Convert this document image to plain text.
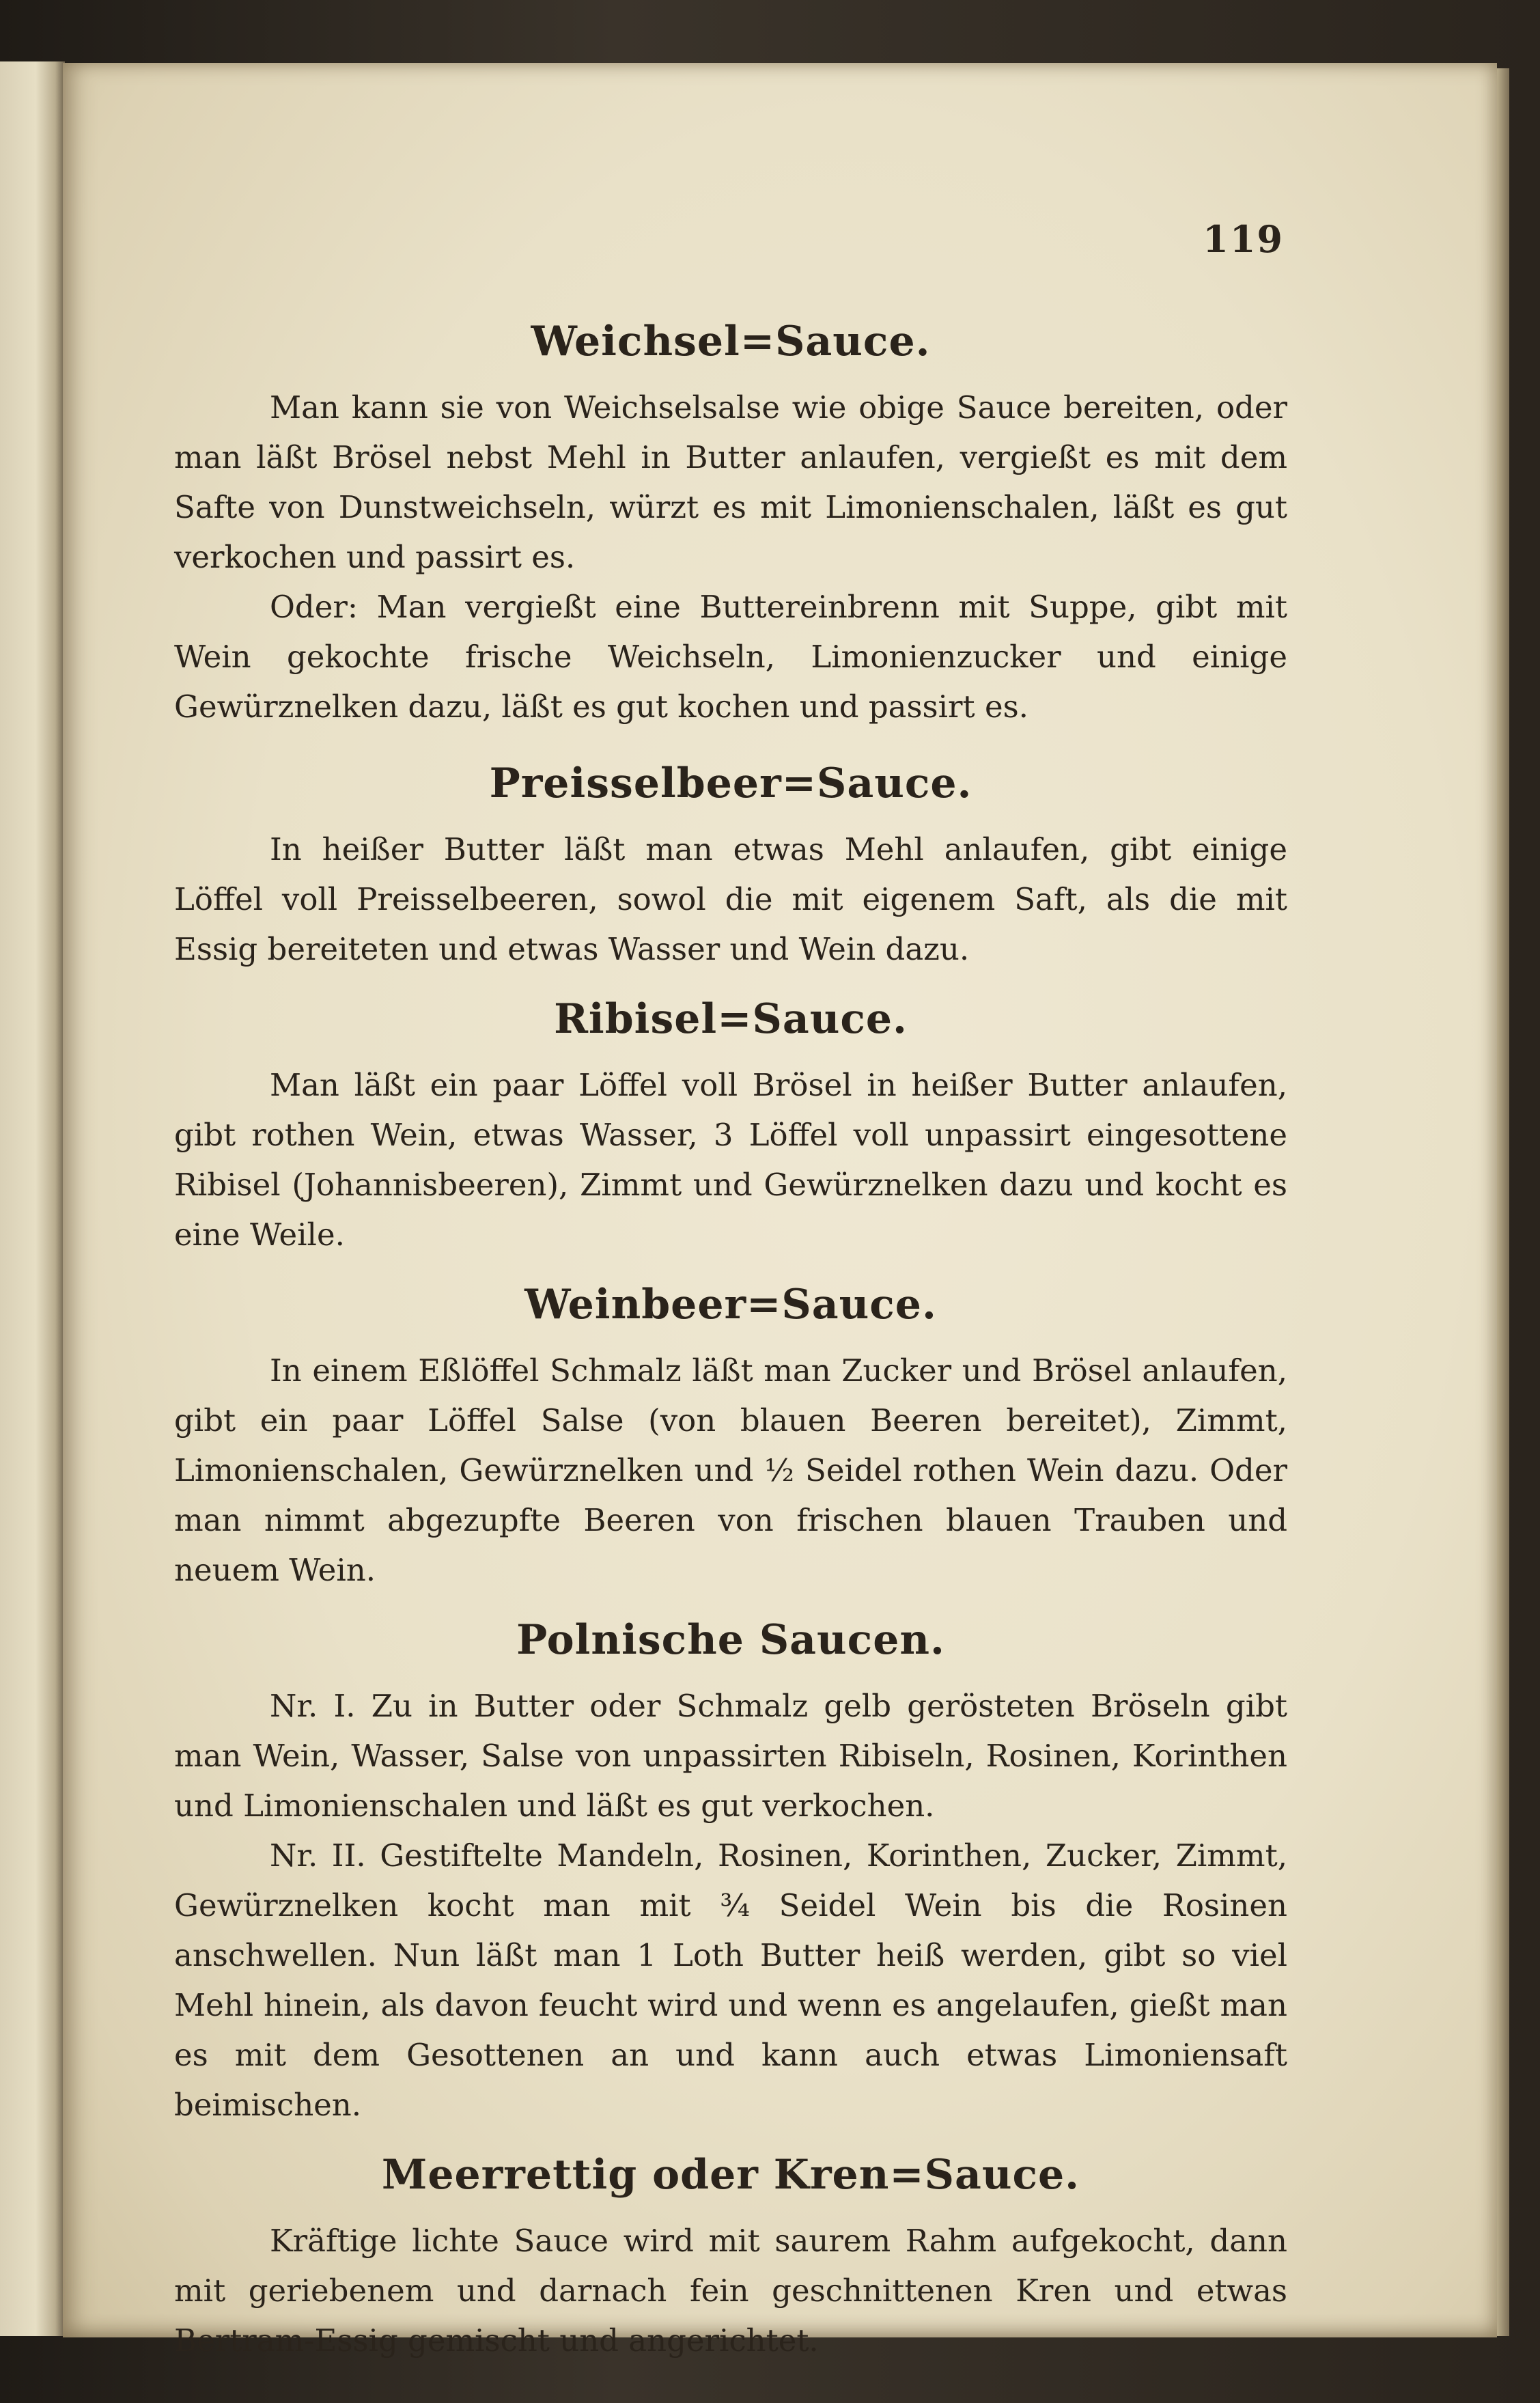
119
Weichsel=Sauce.

Man kann sie von Weichselsalse wie obige Sauce bereiten, oder man läßt Brösel nebst Mehl in Butter anlaufen, vergießt es mit dem Safte von Dunstweichseln, würzt es mit Limonienschalen, läßt es gut verkochen und passirt es.

Oder: Man vergießt eine Buttereinbrenn mit Suppe, gibt mit Wein gekochte frische Weichseln, Limonienzucker und einige Gewürznelken dazu, läßt es gut kochen und passirt es.

Preisselbeer=Sauce.

In heißer Butter läßt man etwas Mehl anlaufen, gibt einige Löffel voll Preisselbeeren, sowol die mit eigenem Saft, als die mit Essig bereiteten und etwas Wasser und Wein dazu.

Ribisel=Sauce.

Man läßt ein paar Löffel voll Brösel in heißer Butter anlaufen, gibt rothen Wein, etwas Wasser, 3 Löffel voll unpassirt eingesottene Ribisel (Johannisbeeren), Zimmt und Gewürznelken dazu und kocht es eine Weile.

Weinbeer=Sauce.

In einem Eßlöffel Schmalz läßt man Zucker und Brösel anlaufen, gibt ein paar Löffel Salse (von blauen Beeren bereitet), Zimmt, Limonienschalen, Gewürznelken und ½ Seidel rothen Wein dazu. Oder man nimmt abgezupfte Beeren von frischen blauen Trauben und neuem Wein.

Polnische Saucen.

Nr. I. Zu in Butter oder Schmalz gelb gerösteten Bröseln gibt man Wein, Wasser, Salse von unpassirten Ribiseln, Rosinen, Korinthen und Limonienschalen und läßt es gut verkochen.

Nr. II. Gestiftelte Mandeln, Rosinen, Korinthen, Zucker, Zimmt, Gewürznelken kocht man mit ¾ Seidel Wein bis die Rosinen anschwellen. Nun läßt man 1 Loth Butter heiß werden, gibt so viel Mehl hinein, als davon feucht wird und wenn es angelaufen, gießt man es mit dem Gesottenen an und kann auch etwas Limoniensaft beimischen.

Meerrettig oder Kren=Sauce.

Kräftige lichte Sauce wird mit saurem Rahm aufgekocht, dann mit geriebenem und darnach fein geschnittenen Kren und etwas Bertram-Essig gemischt und angerichtet.
